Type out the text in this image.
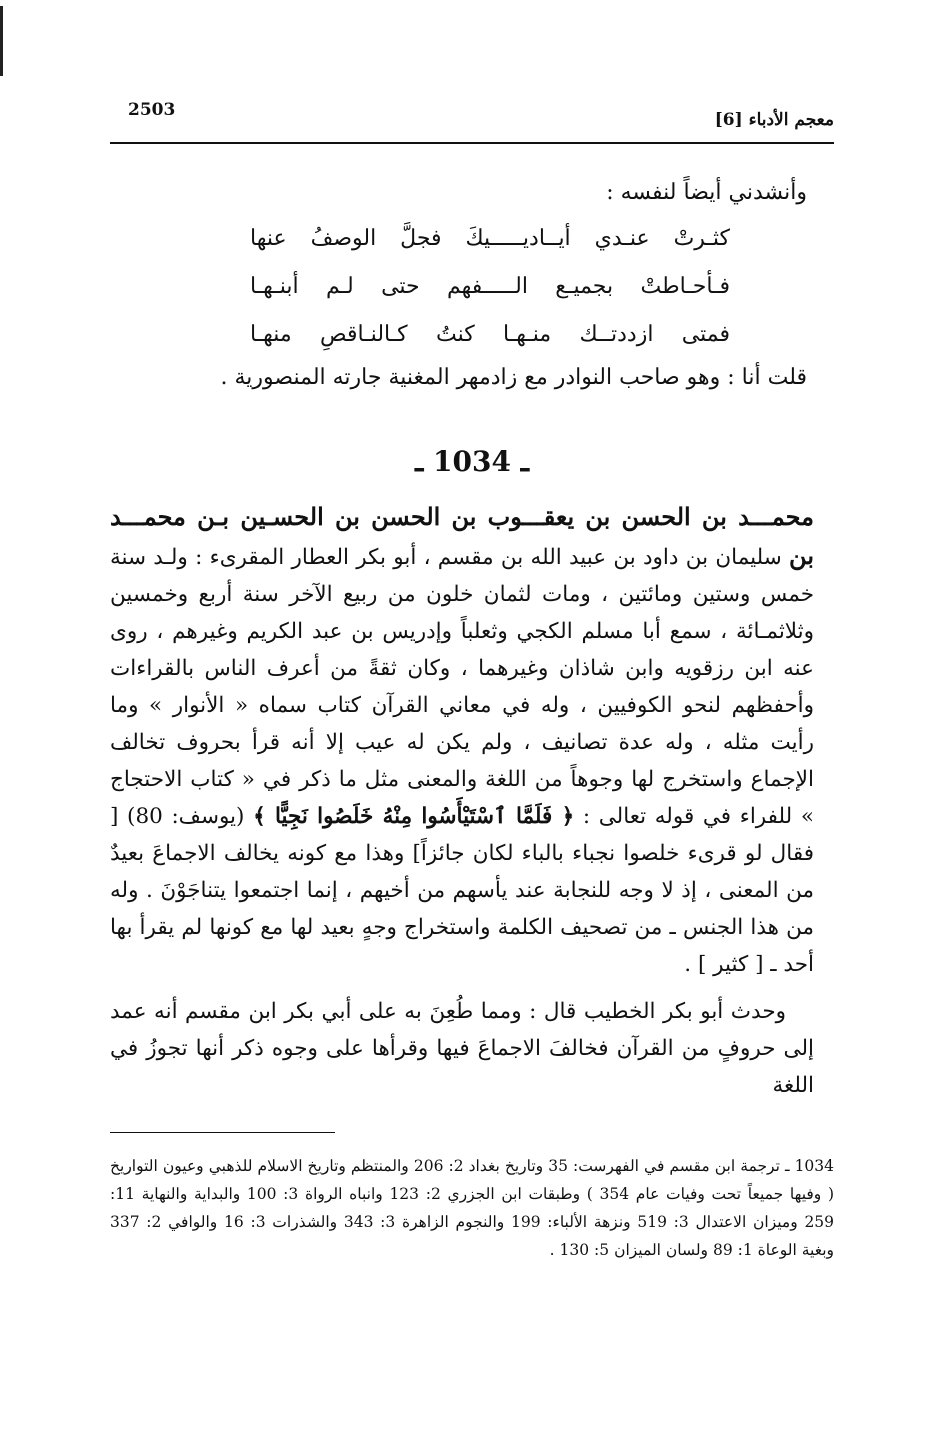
2503	معجم الأدباء [6]
وأنشدني أيضاً لنفسه :
كثـرتْ عنـدي أيــاديـــــيكَ فجلَّ الوصفُ عنها
فـأحـاطتْ بجميـع الـــــفهم حتى لـم أبنـهـا
فمتى ازددتــك منـهـا كنتُ كـالنـاقصِ منهـا
قلت أنا : وهو صاحب النوادر مع زادمهر المغنية جارته المنصورية .
ـ 1034 ـ

محمـــد بن الحسن بن يعقـــوب بن الحسن بن الحسـين بـن محمـــد بن سليمان بن داود بن عبيد الله بن مقسم ، أبو بكر العطار المقرىء : ولـد سنة خمس وستين ومائتين ، ومات لثمان خلون من ربيع الآخر سنة أربع وخمسين وثلاثمـائة ، سمع أبا مسلم الكجي وثعلباً وإدريس بن عبد الكريم وغيرهم ، روى عنه ابن رزقويه وابن شاذان وغيرهما ، وكان ثقةً من أعرف الناس بالقراءات وأحفظهم لنحو الكوفيين ، وله في معاني القرآن كتاب سماه « الأنوار » وما رأيت مثله ، وله عدة تصانيف ، ولم يكن له عيب إلا أنه قرأ بحروف تخالف الإجماع واستخرج لها وجوهاً من اللغة والمعنى مثل ما ذكر في « كتاب الاحتجاج » للفراء في قوله تعالى : ﴿ فَلَمَّا ٱسْتَيْأَسُوا مِنْهُ خَلَصُوا نَجِيًّا ﴾ (يوسف: 80) [ فقال لو قرىء خلصوا نجباء بالباء لكان جائزاً] وهذا مع كونه يخالف الاجماعَ بعيدٌ من المعنى ، إذ لا وجه للنجابة عند يأسهم من أخيهم ، إنما اجتمعوا يتناجَوْنَ . وله من هذا الجنس ـ من تصحيف الكلمة واستخراج وجهٍ بعيد لها مع كونها لم يقرأ بها أحد ـ [ كثير ] .

وحدث أبو بكر الخطيب قال : ومما طُعِنَ به على أبي بكر ابن مقسم أنه عمد إلى حروفٍ من القرآن فخالفَ الاجماعَ فيها وقرأها على وجوه ذكر أنها تجوزُ في اللغة

1034 ـ ترجمة ابن مقسم في الفهرست: 35 وتاريخ بغداد 2: 206 والمنتظم وتاريخ الاسلام للذهبي وعيون التواريخ ( وفيها جميعاً تحت وفيات عام 354 ) وطبقات ابن الجزري 2: 123 وانباه الرواة 3: 100 والبداية والنهاية 11: 259 وميزان الاعتدال 3: 519 ونزهة الألباء: 199 والنجوم الزاهرة 3: 343 والشذرات 3: 16 والوافي 2: 337 وبغية الوعاة 1: 89 ولسان الميزان 5: 130 .
